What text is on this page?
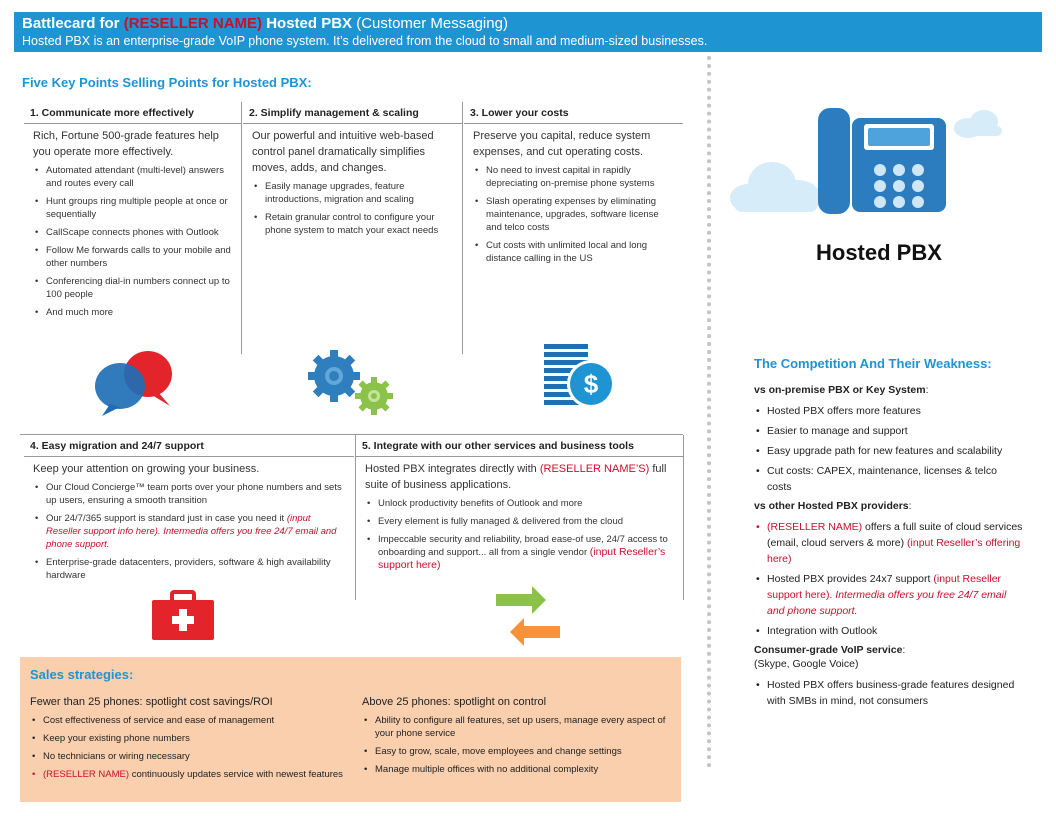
Battlecard for (RESELLER NAME) Hosted PBX (Customer Messaging)
Hosted PBX is an enterprise-grade VoIP phone system. It’s delivered from the cloud to small and medium-sized businesses.
Five Key Points Selling Points for Hosted PBX:
1. Communicate more effectively
Rich, Fortune 500-grade features help you operate more effectively.
• Automated attendant (multi-level) answers and routes every call
• Hunt groups ring multiple people at once or sequentially
• CallScape connects phones with Outlook
• Follow Me forwards calls to your mobile and other numbers
• Conferencing dial-in numbers connect up to 100 people
• And much more
2. Simplify management & scaling
Our powerful and intuitive web-based control panel dramatically simplifies moves, adds, and changes.
• Easily manage upgrades, feature introductions, migration and scaling
• Retain granular control to configure your phone system to match your exact needs
3. Lower your costs
Preserve you capital, reduce system expenses, and cut operating costs.
• No need to invest capital in rapidly depreciating on-premise phone systems
• Slash operating expenses by eliminating maintenance, upgrades, software license and telco costs
• Cut costs with unlimited local and long distance calling in the US
$
4. Easy migration and 24/7 support
Keep your attention on growing your business.
• Our Cloud Concierge™ team ports over your phone numbers and sets up users, ensuring a smooth transition
• Our 24/7/365 support is standard just in case you need it (input Reseller support info here). Intermedia offers you free 24/7 email and phone support.
• Enterprise-grade datacenters, providers, software & high availability hardware
5. Integrate with our other services and business tools
Hosted PBX integrates directly with (RESELLER NAME’S) full suite of business applications.
• Unlock productivity benefits of Outlook and more
• Every element is fully managed & delivered from the cloud
• Impeccable security and reliability, broad ease-of use, 24/7 access to onboarding and support... all from a single vendor (input Reseller’s support here)
Sales strategies:
Fewer than 25 phones: spotlight cost savings/ROI
• Cost effectiveness of service and ease of management
• Keep your existing phone numbers
• No technicians or wiring necessary
• (RESELLER NAME) continuously updates service with newest features
Above 25 phones: spotlight on control
• Ability to configure all features, set up users, manage every aspect of your phone service
• Easy to grow, scale, move employees and change settings
• Manage multiple offices with no additional complexity
Hosted PBX
The Competition And Their Weakness:
vs on-premise PBX or Key System:
• Hosted PBX offers more features
• Easier to manage and support
• Easy upgrade path for new features and scalability
• Cut costs: CAPEX, maintenance, licenses & telco costs
vs other Hosted PBX providers:
• (RESELLER NAME) offers a full suite of cloud services (email, cloud servers & more) (input Reseller’s offering here)
• Hosted PBX provides 24x7 support (input Reseller support here). Intermedia offers you free 24/7 email and phone support.
• Integration with Outlook
Consumer-grade VoIP service:
(Skype, Google Voice)
• Hosted PBX offers business-grade features designed with SMBs in mind, not consumers
